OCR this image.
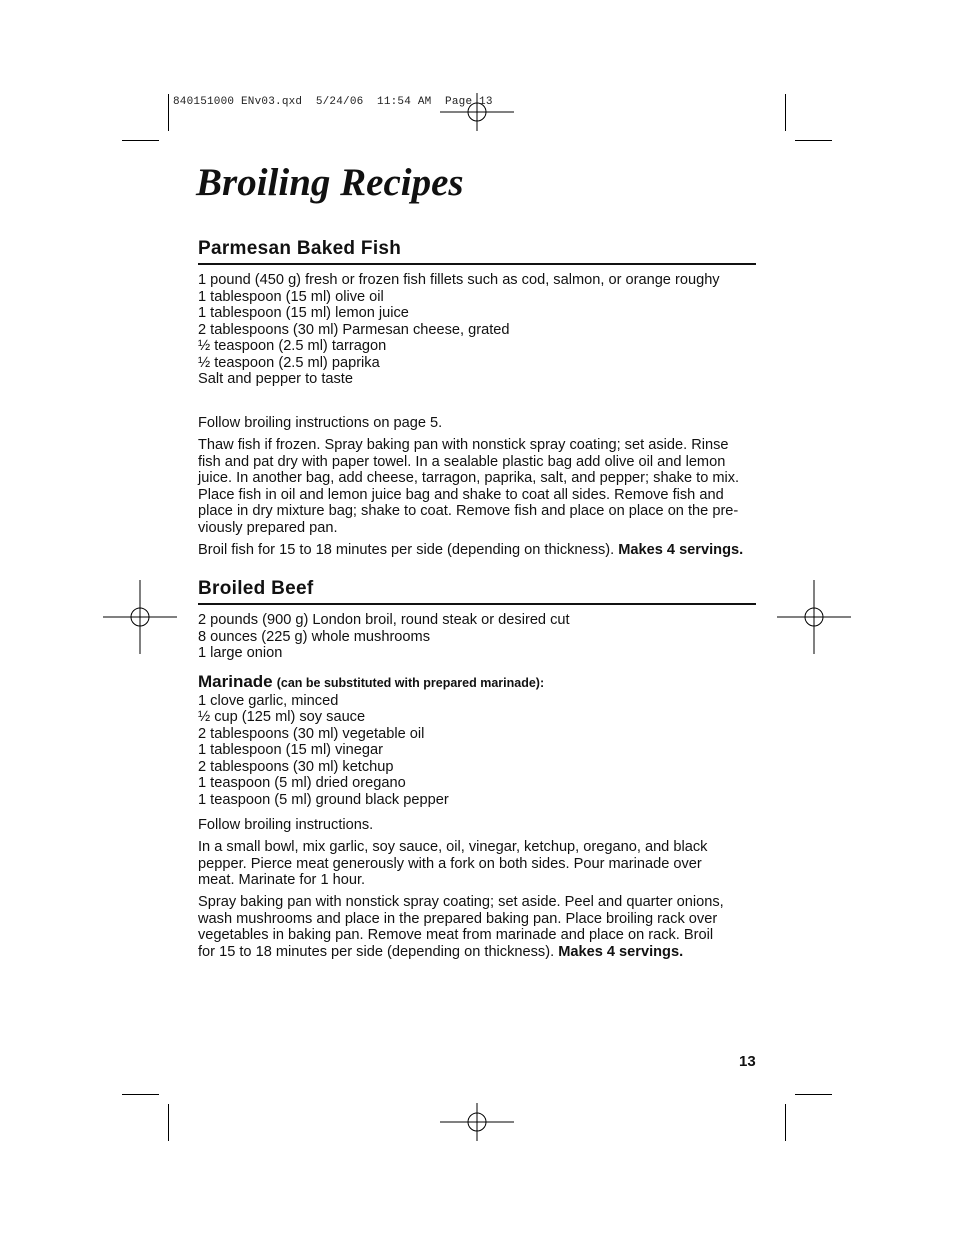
840151000 ENv03.qxd  5/24/06  11:54 AM  Page 13
Broiling Recipes
Parmesan Baked Fish
1 pound (450 g) fresh or frozen fish fillets such as cod, salmon, or orange roughy
1 tablespoon (15 ml) olive oil
1 tablespoon (15 ml) lemon juice
2 tablespoons (30 ml) Parmesan cheese, grated
½ teaspoon (2.5 ml) tarragon
½ teaspoon (2.5 ml) paprika
Salt and pepper to taste

Follow broiling instructions on page 5.

Thaw fish if frozen. Spray baking pan with nonstick spray coating; set aside. Rinse
fish and pat dry with paper towel. In a sealable plastic bag add olive oil and lemon
juice. In another bag, add cheese, tarragon, paprika, salt, and pepper; shake to mix.
Place fish in oil and lemon juice bag and shake to coat all sides. Remove fish and
place in dry mixture bag; shake to coat. Remove fish and place on place on the pre-
viously prepared pan.

Broil fish for 15 to 18 minutes per side (depending on thickness). Makes 4 servings.

Broiled Beef
2 pounds (900 g) London broil, round steak or desired cut
8 ounces (225 g) whole mushrooms
1 large onion
Marinade (can be substituted with prepared marinade):
1 clove garlic, minced
½ cup (125 ml) soy sauce
2 tablespoons (30 ml) vegetable oil
1 tablespoon (15 ml) vinegar
2 tablespoons (30 ml) ketchup
1 teaspoon (5 ml) dried oregano
1 teaspoon (5 ml) ground black pepper

Follow broiling instructions.

In a small bowl, mix garlic, soy sauce, oil, vinegar, ketchup, oregano, and black
pepper. Pierce meat generously with a fork on both sides. Pour marinade over
meat. Marinate for 1 hour.

Spray baking pan with nonstick spray coating; set aside. Peel and quarter onions,
wash mushrooms and place in the prepared baking pan. Place broiling rack over
vegetables in baking pan. Remove meat from marinade and place on rack. Broil
for 15 to 18 minutes per side (depending on thickness). Makes 4 servings.

13
